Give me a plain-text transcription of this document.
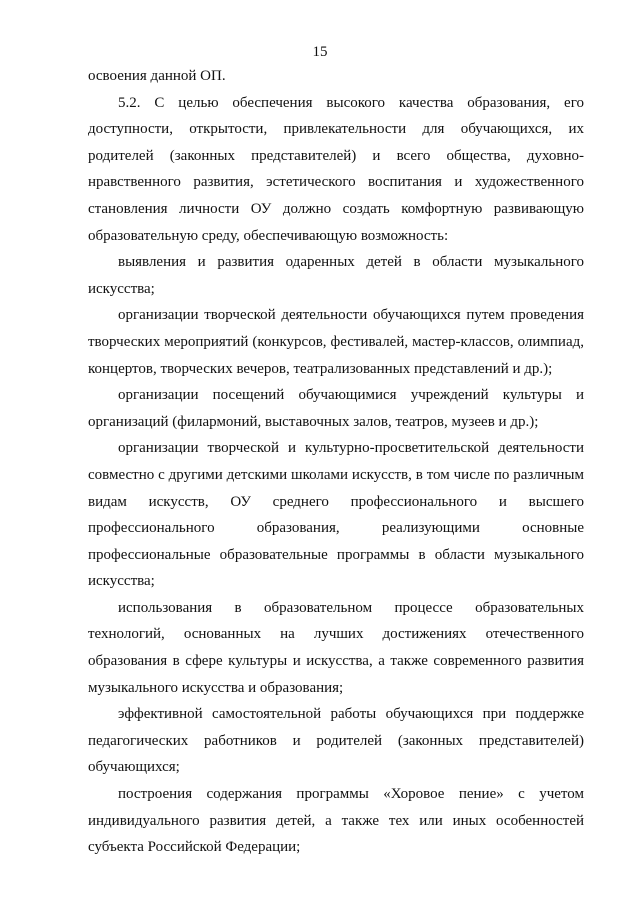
15
освоения данной ОП.
5.2. С целью обеспечения высокого качества образования, его
доступности, открытости, привлекательности для обучающихся, их
родителей (законных представителей) и всего общества, духовно-
нравственного развития, эстетического воспитания и художественного
становления личности ОУ должно создать комфортную развивающую
образовательную среду, обеспечивающую возможность:
выявления и развития одаренных детей в области музыкального
искусства;
организации творческой деятельности обучающихся путем проведения
творческих мероприятий (конкурсов, фестивалей, мастер-классов, олимпиад,
концертов, творческих вечеров, театрализованных представлений и др.);
организации посещений обучающимися учреждений культуры и
организаций (филармоний, выставочных залов, театров, музеев и др.);
организации творческой и культурно-просветительской деятельности
совместно с другими детскими школами искусств, в том числе по различным
видам искусств, ОУ среднего профессионального и высшего
профессионального образования, реализующими основные
профессиональные образовательные программы в области музыкального
искусства;
использования в образовательном процессе образовательных
технологий, основанных на лучших достижениях отечественного
образования в сфере культуры и искусства, а также современного развития
музыкального искусства и образования;
эффективной самостоятельной работы обучающихся при поддержке
педагогических работников и родителей (законных представителей)
обучающихся;
построения содержания программы «Хоровое пение» с учетом
индивидуального развития детей, а также тех или иных особенностей
субъекта Российской Федерации;
